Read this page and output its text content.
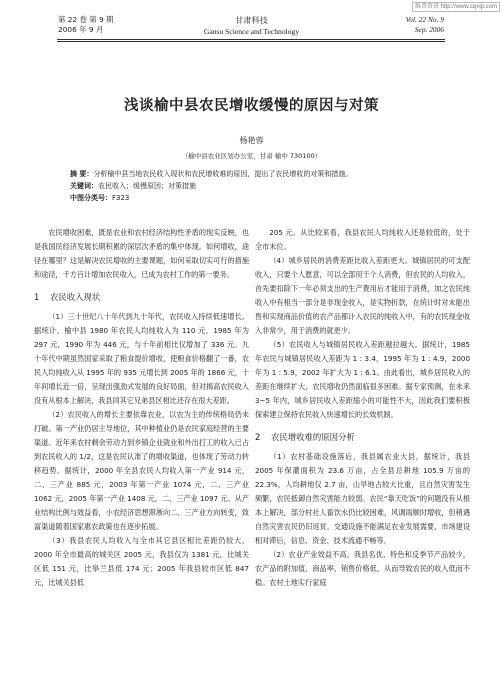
维普资讯 http://www.cqvip.com
第 22 卷 第 9 期
2006 年 9 月
甘肃科技
Gansu Science and Technology
Vol. 22 No. 9
Sep. 2006
浅谈榆中县农民增收缓慢的原因与对策
杨艳蓉
（榆中县农业区划办公室，甘肃 榆中 730100）
摘 要：分析榆中县当地农民收入现状和农民增收难的原因，提出了农民增收的对策和措施。
关键词：农民收入；缓慢原因；对策措施
中图分类号：F323

农民增收困难，既是农业和农村经济结构性矛盾的现实反映，也是我国民经济发展长期积累的深层次矛盾的集中体现。如何增收，途径在哪里？这是解决农民增收的主要课题，如何采取切实可行的措施和途径，千方百计增加农民收入，已成为农村工作的第一要务。

1 农民收入现状

（1）三十世纪八十年代到九十年代，农民收入持续低速增长。据统计，榆中县 1980 年农民人均纯收入为 110 元，1985 年为 297 元，1990 年为 446 元，与十年前相比仅增加了 336 元。九十年代中期虽然国家采取了粮食提价增收，使粮食价格翻了一番，农民人均纯收入从 1995 年的 935 元增长到 2005 年的 1866 元，十年间增长近一倍，呈现出强劲式发展的良好局面，但对揭高农民收入没有从根本上解决，我县同其它兄弟县区相比还存在很大差距。

（2）农民收入的增长主要依靠农业，以农为主的传统格局仍未打破。第一产业仍居主导地位，其中种植业仍是农民家庭经营的主要渠道。近年来农村剩余劳动力到乡镇企业就业和外出打工的收入已占到农民收入的 1/2，这是农民认准了的增收渠道，也体现了劳动力转移趋势。据统计，2000 年全县农民人均收入第一产业 914 元，二、三产业 885 元，2003 年第一产业 1074 元，二、三产业 1062 元，2005 年第一产业 1408 元，二、三产业 1097 元。从产业结构比例与效益看，小农经济思想滞淅向二、三产业方向转变，致富渠道随着国家惠农政策也在逐步拓展。

（3）我县农民人均收入与全市其它县区相比差距仍较大。2000 年全市最高的城关区 2005 元，我县仅为 1381 元，比城关区低 151 元，比皋兰县低 174 元；2005 年我县较市区低 847 元，比城关县低

205 元。从比较来看，我县农民人均纯收入还是较低的，处于全市末位。

（4）城乡居民的消费差距比收入差距更大。城镇居民的可支配收入，只要个人愿意，可以全部用于个人消费，但农民的人均收入，首先要扣除下一年必须支出的生产费用后才能用于消费，加之农民纯收入中有相当一部分是非现金收入，是实物折款，在统计时对未能出售和实现商品价值的农产品都计入农民的纯收入中，有的农民现金收入非常少，用于消费的就更少。

（5）农民收入与城镇居民收入差距越拉越大。据统计，1985 年农民与城镇居民收入差距为 1 : 3.4，1995 年为 1 : 4.9，2000 年为 1 : 5.9，2002 年扩大为 1 : 6.1。由此看出，城乡居民收入的差距在继续扩大，农民增收仍然面临很多困难。据专家预测，在未来 3~5 年内，城乡居民收入差距缩小的可能性不大，因此我们要积极探索建立保持农民收入快速增长的长效机制。

2 农民增收难的原因分析

（1）农村基础设施落后，我县属农业大县，据统计，我县 2005 年保灌面积为 23.6 万亩，占全县总耕地 105.9 万亩的 22.3%，人均耕地仅 2.7 亩，山旱地占较大比重，且自然灾害发生频繁，农民抵御自然灾害能力较弱。农民“靠天吃饭”的问题没有从根本上解决，部分村社人畜饮水仍比较困难，风调雨顺时增收，但稍遇自然灾害农民仍旧返贫。交通设施不能满足农业发展需要，市场建设相对滞后，信息、资金、技术流通不畅等。

（2）农业产业效益不高。我县名优、特色和反季节产品较少，农产品的附加值、商品率、销售价格低，从而导致农民的收入低而不稳。农村土地实行家庭
